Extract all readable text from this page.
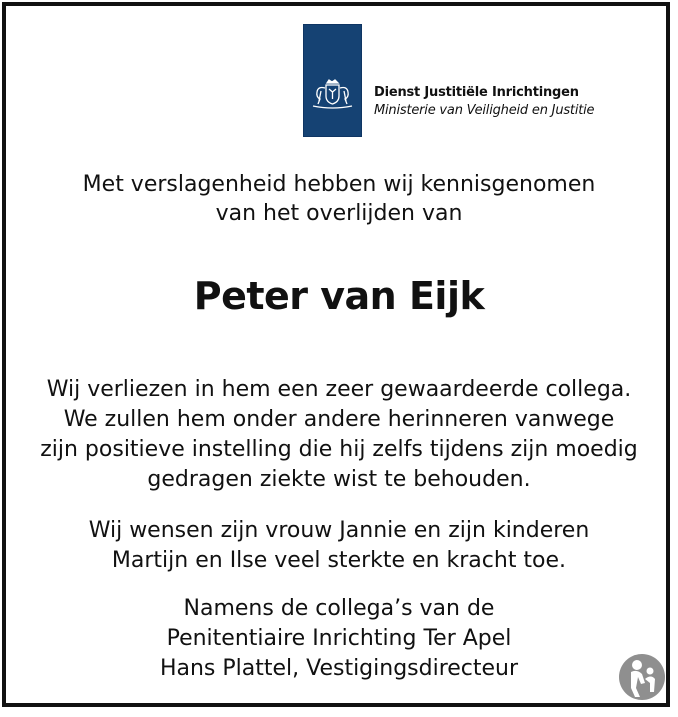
Dienst Justitiële Inrichtingen
Ministerie van Veiligheid en Justitie
Met verslagenheid hebben wij kennisgenomen
van het overlijden van
Peter van Eijk
Wij verliezen in hem een zeer gewaardeerde collega.
We zullen hem onder andere herinneren vanwege
zijn positieve instelling die hij zelfs tijdens zijn moedig
gedragen ziekte wist te behouden.
Wij wensen zijn vrouw Jannie en zijn kinderen
Martijn en Ilse veel sterkte en kracht toe.
Namens de collega’s van de
Penitentiaire Inrichting Ter Apel
Hans Plattel, Vestigingsdirecteur
